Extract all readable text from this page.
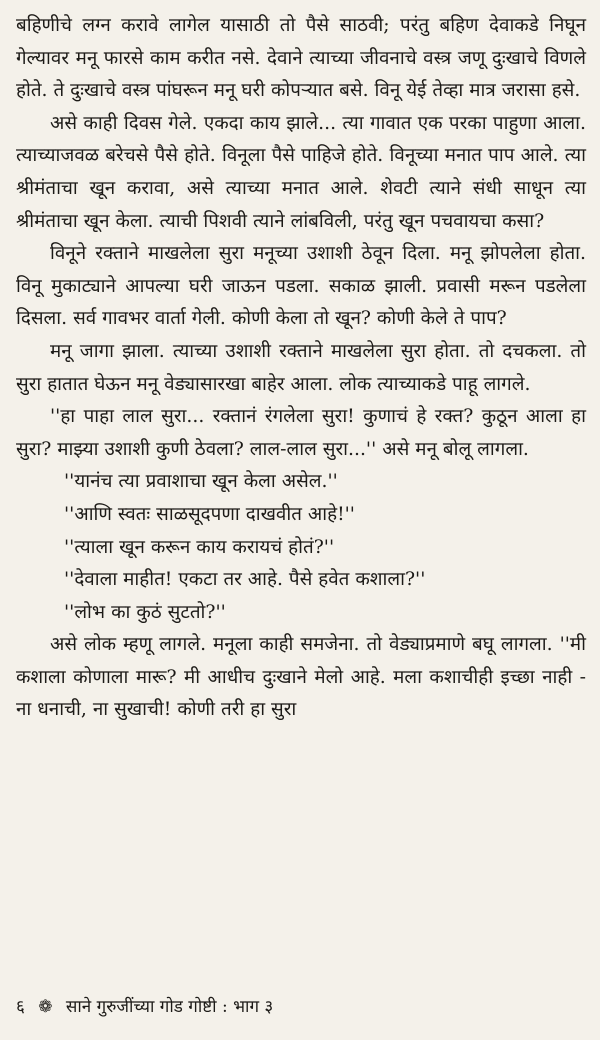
बहिणीचे लग्न करावे लागेल यासाठी तो पैसे साठवी; परंतु बहिण देवाकडे निघून गेल्यावर मनू फारसे काम करीत नसे. देवाने त्याच्या जीवनाचे वस्त्र जणू दुःखाचे विणले होते. ते दुःखाचे वस्त्र पांघरून मनू घरी कोपऱ्यात बसे. विनू येई तेव्हा मात्र जरासा हसे.

असे काही दिवस गेले. एकदा काय झाले... त्या गावात एक परका पाहुणा आला. त्याच्याजवळ बरेचसे पैसे होते. विनूला पैसे पाहिजे होते. विनूच्या मनात पाप आले. त्या श्रीमंताचा खून करावा, असे त्याच्या मनात आले. शेवटी त्याने संधी साधून त्या श्रीमंताचा खून केला. त्याची पिशवी त्याने लांबविली, परंतु खून पचवायचा कसा?

विनूने रक्ताने माखलेला सुरा मनूच्या उशाशी ठेवून दिला. मनू झोपलेला होता. विनू मुकाट्याने आपल्या घरी जाऊन पडला. सकाळ झाली. प्रवासी मरून पडलेला दिसला. सर्व गावभर वार्ता गेली. कोणी केला तो खून? कोणी केले ते पाप?

मनू जागा झाला. त्याच्या उशाशी रक्ताने माखलेला सुरा होता. तो दचकला. तो सुरा हातात घेऊन मनू वेड्यासारखा बाहेर आला. लोक त्याच्याकडे पाहू लागले.

''हा पाहा लाल सुरा... रक्तानं रंगलेला सुरा! कुणाचं हे रक्त? कुठून आला हा सुरा? माझ्या उशाशी कुणी ठेवला? लाल-लाल सुरा...'' असे मनू बोलू लागला.

''यानंच त्या प्रवाशाचा खून केला असेल.''

''आणि स्वतः साळसूदपणा दाखवीत आहे!''

''त्याला खून करून काय करायचं होतं?''

''देवाला माहीत! एकटा तर आहे. पैसे हवेत कशाला?''

''लोभ का कुठं सुटतो?''

असे लोक म्हणू लागले. मनूला काही समजेना. तो वेड्याप्रमाणे बघू लागला. ''मी कशाला कोणाला मारू? मी आधीच दुःखाने मेलो आहे. मला कशाचीही इच्छा नाही - ना धनाची, ना सुखाची! कोणी तरी हा सुरा

६ ❁ साने गुरुजींच्या गोड गोष्टी : भाग ३
